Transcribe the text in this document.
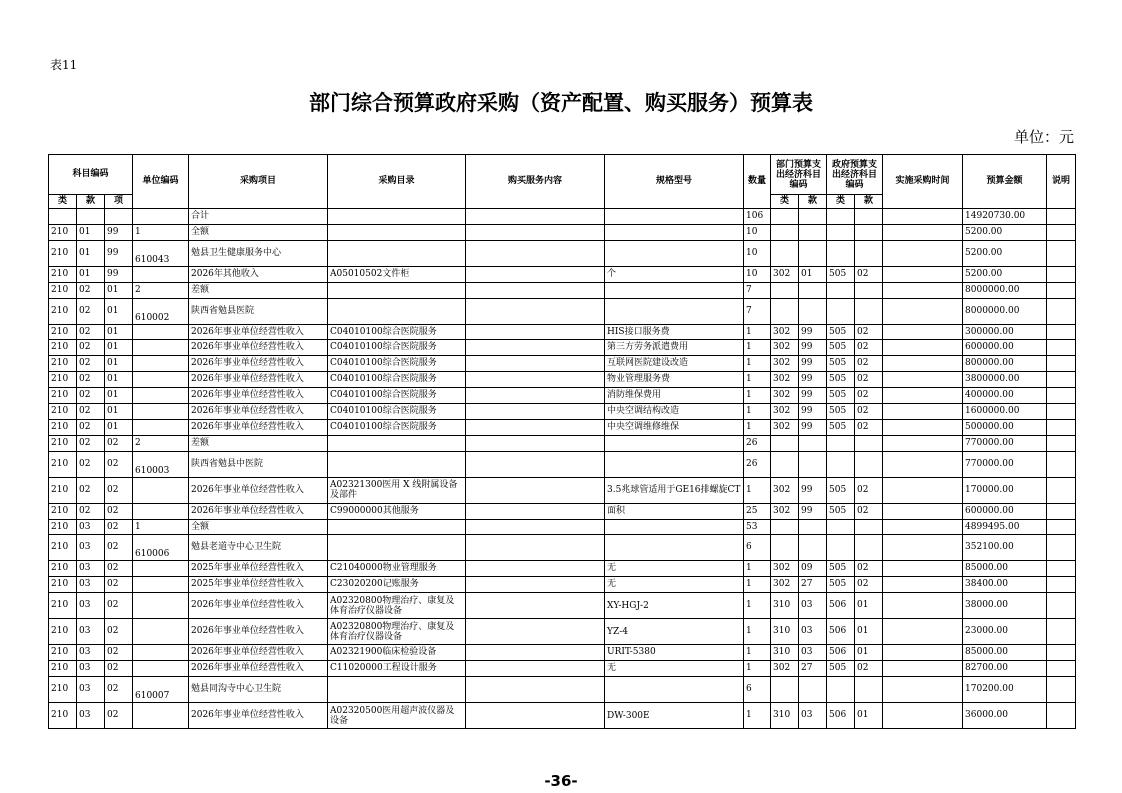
表11
部门综合预算政府采购（资产配置、购买服务）预算表
单位：元
科目编码			单位编码	采购项目	采购目录	购买服务内容	规格型号	数量	部门预算支出经济科目编码		政府预算支出经济科目编码		实施采购时间	预算金额	说明
类	款	项							类	款	类	款			
				合计				106						14920730.00	
210	01	99	1	全额				10						5200.00	
210	01	99	610043	勉县卫生健康服务中心				10						5200.00	
210	01	99		2026年其他收入	A05010502文件柜		个	10	302	01	505	02		5200.00	
210	02	01	2	差额				7						8000000.00	
210	02	01	610002	陕西省勉县医院				7						8000000.00	
210	02	01		2026年事业单位经营性收入	C04010100综合医院服务		HIS接口服务费	1	302	99	505	02		300000.00	
210	02	01		2026年事业单位经营性收入	C04010100综合医院服务		第三方劳务派遣费用	1	302	99	505	02		600000.00	
210	02	01		2026年事业单位经营性收入	C04010100综合医院服务		互联网医院建设改造	1	302	99	505	02		800000.00	
210	02	01		2026年事业单位经营性收入	C04010100综合医院服务		物业管理服务费	1	302	99	505	02		3800000.00	
210	02	01		2026年事业单位经营性收入	C04010100综合医院服务		消防维保费用	1	302	99	505	02		400000.00	
210	02	01		2026年事业单位经营性收入	C04010100综合医院服务		中央空调结构改造	1	302	99	505	02		1600000.00	
210	02	01		2026年事业单位经营性收入	C04010100综合医院服务		中央空调维修维保	1	302	99	505	02		500000.00	
210	02	02	2	差额				26						770000.00	
210	02	02	610003	陕西省勉县中医院				26						770000.00	
210	02	02		2026年事业单位经营性收入	A02321300医用 X 线附属设备及部件		3.5兆球管适用于GE16排螺旋CT	1	302	99	505	02		170000.00	
210	02	02		2026年事业单位经营性收入	C99000000其他服务		面积	25	302	99	505	02		600000.00	
210	03	02	1	全额				53						4899495.00	
210	03	02	610006	勉县老道寺中心卫生院				6						352100.00	
210	03	02		2025年事业单位经营性收入	C21040000物业管理服务		无	1	302	09	505	02		85000.00	
210	03	02		2025年事业单位经营性收入	C23020200记账服务		无	1	302	27	505	02		38400.00	
210	03	02		2026年事业单位经营性收入	A02320800物理治疗、康复及体育治疗仪器设备		XY-HGJ-2	1	310	03	506	01		38000.00	
210	03	02		2026年事业单位经营性收入	A02320800物理治疗、康复及体育治疗仪器设备		YZ-4	1	310	03	506	01		23000.00	
210	03	02		2026年事业单位经营性收入	A02321900临床检验设备		URIT-5380	1	310	03	506	01		85000.00	
210	03	02		2026年事业单位经营性收入	C11020000工程设计服务		无	1	302	27	505	02		82700.00	
210	03	02	610007	勉县同沟寺中心卫生院				6						170200.00	
210	03	02		2026年事业单位经营性收入	A02320500医用超声波仪器及设备		DW-300E	1	310	03	506	01		36000.00	
-36-
